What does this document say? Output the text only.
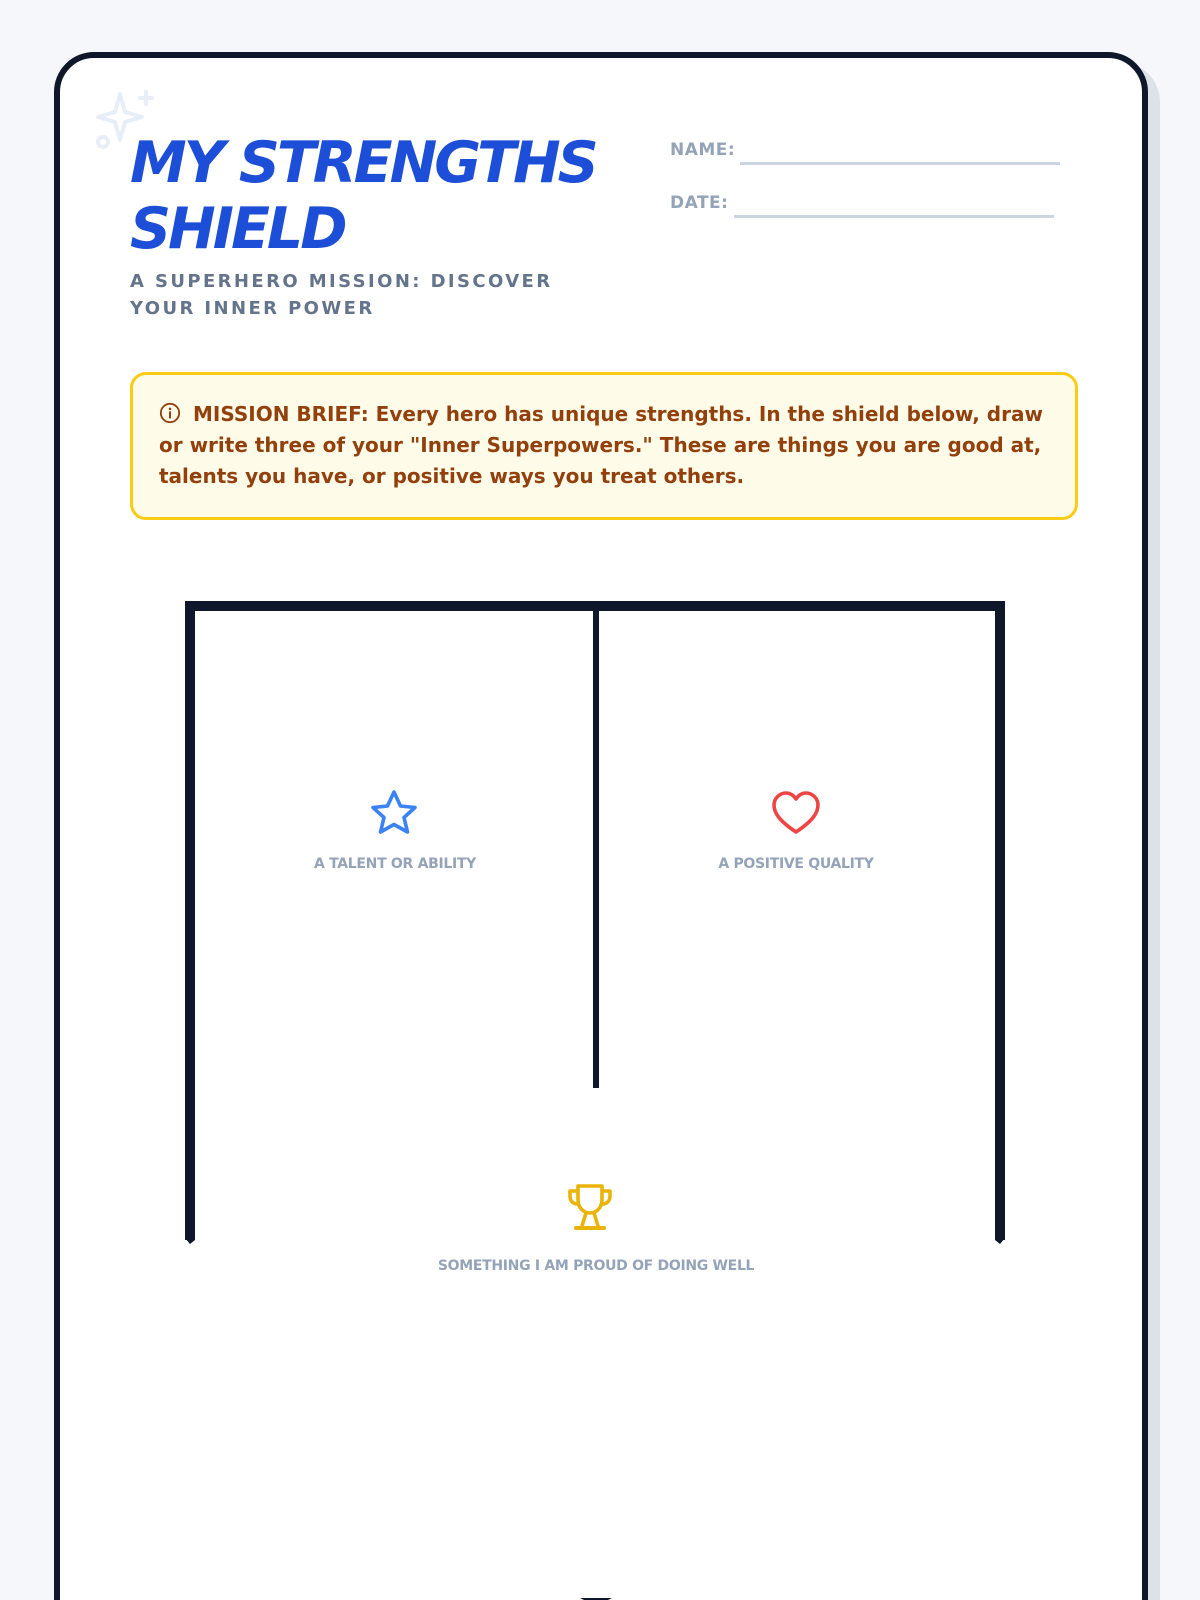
MY STRENGTHS
SHIELD
A SUPERHERO MISSION: DISCOVER YOUR INNER POWER
NAME:
DATE:
MISSION BRIEF: Every hero has unique strengths. In the shield below, draw or write three of your "Inner Superpowers." These are things you are good at, talents you have, or positive ways you treat others.
A TALENT OR ABILITY	A POSITIVE QUALITY
SOMETHING I AM PROUD OF DOING WELL
